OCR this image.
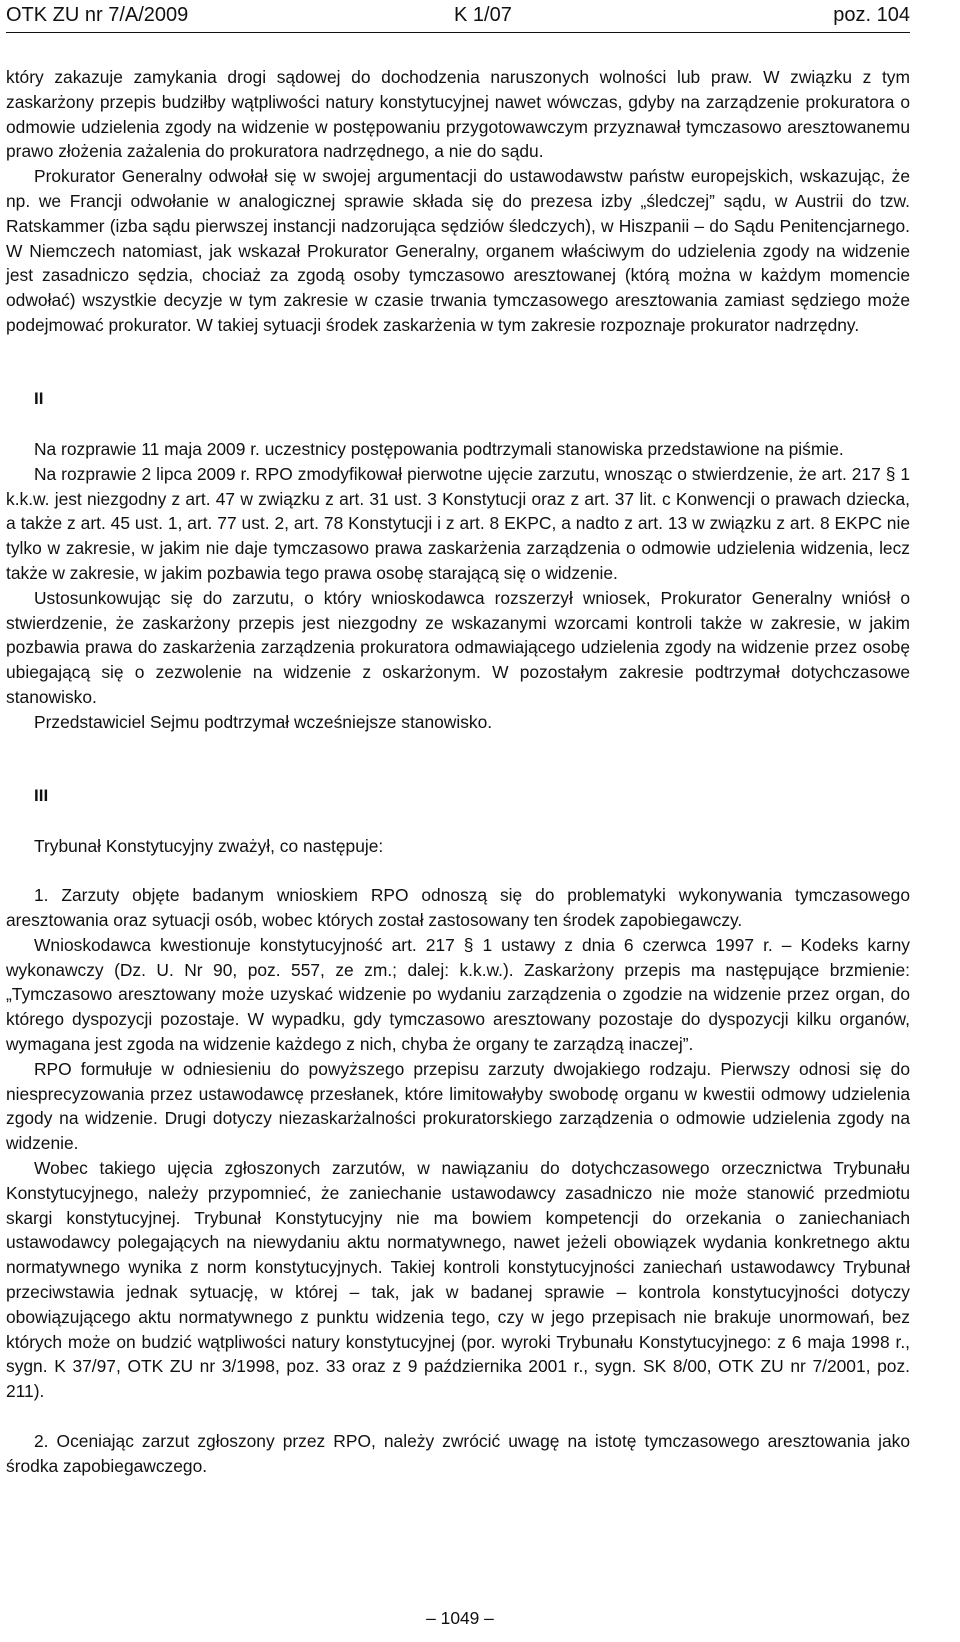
OTK ZU nr 7/A/2009	K 1/07	poz. 104

który zakazuje zamykania drogi sądowej do dochodzenia naruszonych wolności lub praw. W związku z tym zaskarżony przepis budziłby wątpliwości natury konstytucyjnej nawet wówczas, gdyby na zarządzenie prokuratora o odmowie udzielenia zgody na widzenie w postępowaniu przygotowawczym przyznawał tymczasowo aresztowanemu prawo złożenia zażalenia do prokuratora nadrzędnego, a nie do sądu.

Prokurator Generalny odwołał się w swojej argumentacji do ustawodawstw państw europejskich, wskazując, że np. we Francji odwołanie w analogicznej sprawie składa się do prezesa izby „śledczej” sądu, w Austrii do tzw. Ratskammer (izba sądu pierwszej instancji nadzorująca sędziów śledczych), w Hiszpanii – do Sądu Penitencjarnego. W Niemczech natomiast, jak wskazał Prokurator Generalny, organem właściwym do udzielenia zgody na widzenie jest zasadniczo sędzia, chociaż za zgodą osoby tymczasowo aresztowanej (którą można w każdym momencie odwołać) wszystkie decyzje w tym zakresie w czasie trwania tymczasowego aresztowania zamiast sędziego może podejmować prokurator. W takiej sytuacji środek zaskarżenia w tym zakresie rozpoznaje prokurator nadrzędny.

II

Na rozprawie 11 maja 2009 r. uczestnicy postępowania podtrzymali stanowiska przedstawione na piśmie.

Na rozprawie 2 lipca 2009 r. RPO zmodyfikował pierwotne ujęcie zarzutu, wnosząc o stwierdzenie, że art. 217 § 1 k.k.w. jest niezgodny z art. 47 w związku z art. 31 ust. 3 Konstytucji oraz z art. 37 lit. c Konwencji o prawach dziecka, a także z art. 45 ust. 1, art. 77 ust. 2, art. 78 Konstytucji i z art. 8 EKPC, a nadto z art. 13 w związku z art. 8 EKPC nie tylko w zakresie, w jakim nie daje tymczasowo prawa zaskarżenia zarządzenia o odmowie udzielenia widzenia, lecz także w zakresie, w jakim pozbawia tego prawa osobę starającą się o widzenie.

Ustosunkowując się do zarzutu, o który wnioskodawca rozszerzył wniosek, Prokurator Generalny wniósł o stwierdzenie, że zaskarżony przepis jest niezgodny ze wskazanymi wzorcami kontroli także w zakresie, w jakim pozbawia prawa do zaskarżenia zarządzenia prokuratora odmawiającego udzielenia zgody na widzenie przez osobę ubiegającą się o zezwolenie na widzenie z oskarżonym. W pozostałym zakresie podtrzymał dotychczasowe stanowisko.

Przedstawiciel Sejmu podtrzymał wcześniejsze stanowisko.

III

Trybunał Konstytucyjny zważył, co następuje:

1. Zarzuty objęte badanym wnioskiem RPO odnoszą się do problematyki wykonywania tymczasowego aresztowania oraz sytuacji osób, wobec których został zastosowany ten środek zapobiegawczy.

Wnioskodawca kwestionuje konstytucyjność art. 217 § 1 ustawy z dnia 6 czerwca 1997 r. – Kodeks karny wykonawczy (Dz. U. Nr 90, poz. 557, ze zm.; dalej: k.k.w.). Zaskarżony przepis ma następujące brzmienie: „Tymczasowo aresztowany może uzyskać widzenie po wydaniu zarządzenia o zgodzie na widzenie przez organ, do którego dyspozycji pozostaje. W wypadku, gdy tymczasowo aresztowany pozostaje do dyspozycji kilku organów, wymagana jest zgoda na widzenie każdego z nich, chyba że organy te zarządzą inaczej”.

RPO formułuje w odniesieniu do powyższego przepisu zarzuty dwojakiego rodzaju. Pierwszy odnosi się do niesprecyzowania przez ustawodawcę przesłanek, które limitowałyby swobodę organu w kwestii odmowy udzielenia zgody na widzenie. Drugi dotyczy niezaskarżalności prokuratorskiego zarządzenia o odmowie udzielenia zgody na widzenie.

Wobec takiego ujęcia zgłoszonych zarzutów, w nawiązaniu do dotychczasowego orzecznictwa Trybunału Konstytucyjnego, należy przypomnieć, że zaniechanie ustawodawcy zasadniczo nie może stanowić przedmiotu skargi konstytucyjnej. Trybunał Konstytucyjny nie ma bowiem kompetencji do orzekania o zaniechaniach ustawodawcy polegających na niewydaniu aktu normatywnego, nawet jeżeli obowiązek wydania konkretnego aktu normatywnego wynika z norm konstytucyjnych. Takiej kontroli konstytucyjności zaniechań ustawodawcy Trybunał przeciwstawia jednak sytuację, w której – tak, jak w badanej sprawie – kontrola konstytucyjności dotyczy obowiązującego aktu normatywnego z punktu widzenia tego, czy w jego przepisach nie brakuje unormowań, bez których może on budzić wątpliwości natury konstytucyjnej (por. wyroki Trybunału Konstytucyjnego: z 6 maja 1998 r., sygn. K 37/97, OTK ZU nr 3/1998, poz. 33 oraz z 9 października 2001 r., sygn. SK 8/00, OTK ZU nr 7/2001, poz. 211).

2. Oceniając zarzut zgłoszony przez RPO, należy zwrócić uwagę na istotę tymczasowego aresztowania jako środka zapobiegawczego.

– 1049 –
